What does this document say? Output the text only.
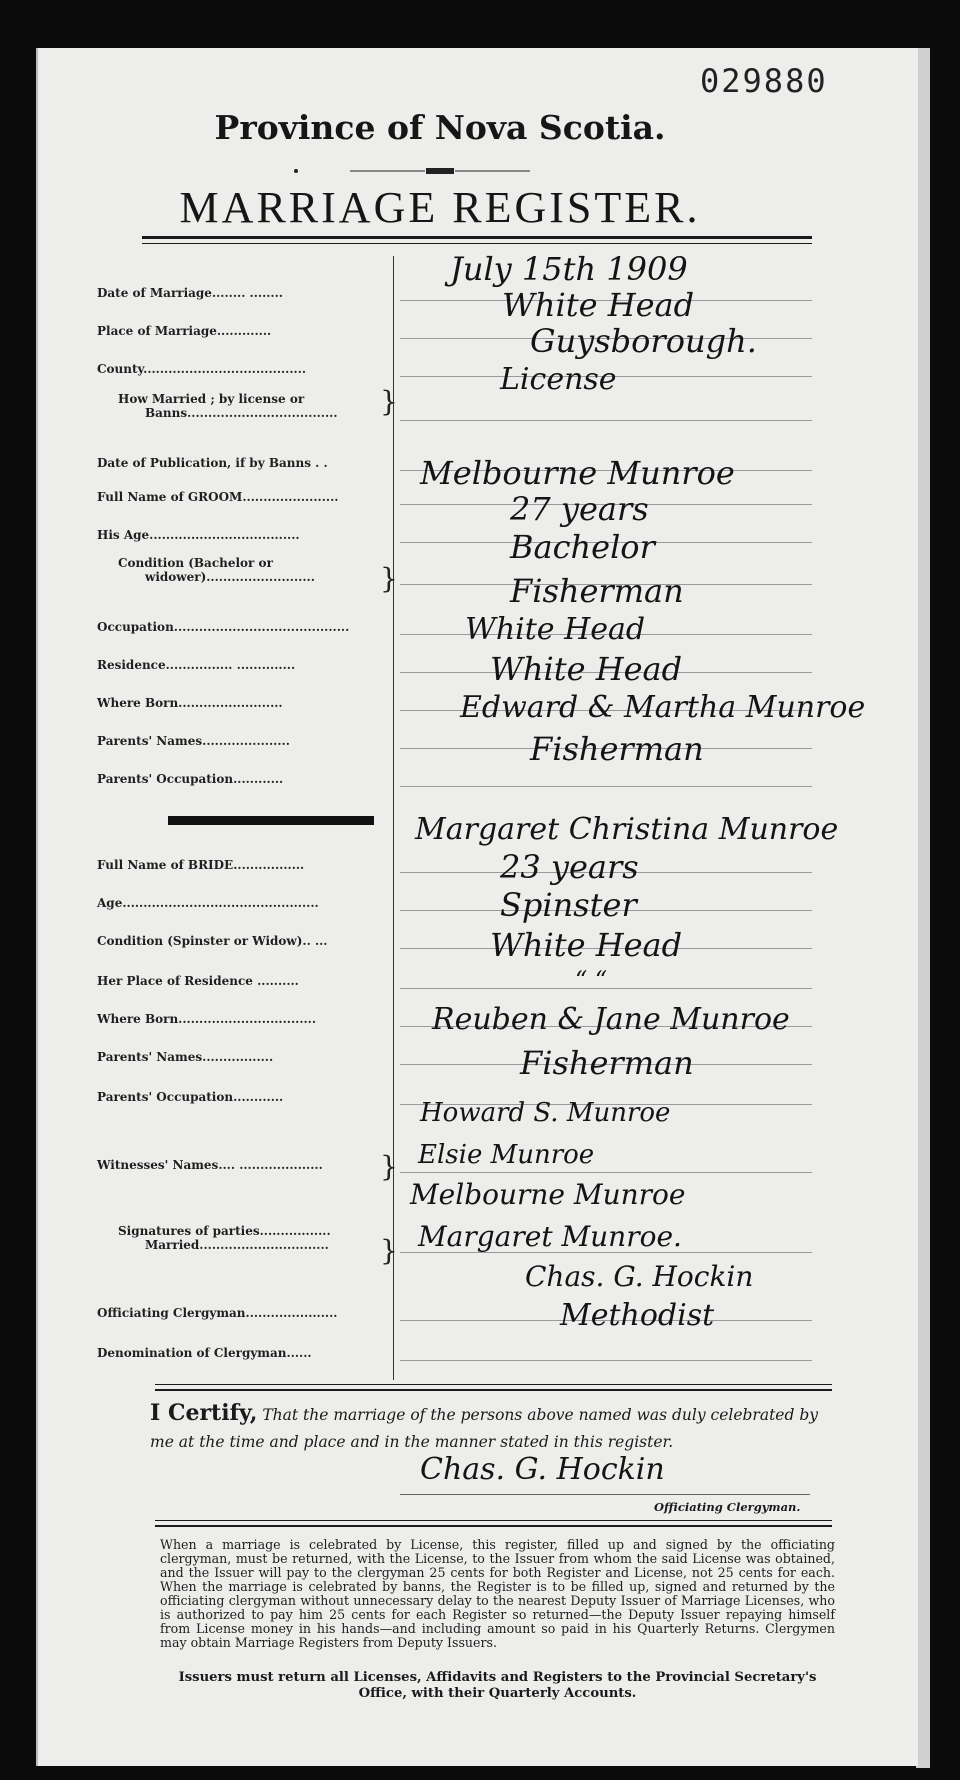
029880
Province of Nova Scotia.
MARRIAGE REGISTER.
Date of Marriage........ ........
July 15th 1909
Place of Marriage.............
White Head
County.......................................
Guysborough.
How Married ; by license or
Banns....................................
License
Date of Publication, if by Banns . .
Full Name of GROOM.......................
Melbourne Munroe
His Age....................................
27 years
Condition (Bachelor or
widower)..........................
Bachelor
Occupation..........................................
Fisherman
Residence................ ..............
White Head
Where Born.........................
White Head
Parents' Names.....................
Edward & Martha Munroe
Parents' Occupation............
Fisherman
Full Name of BRIDE.................
Margaret Christina Munroe
Age...............................................
23 years
Condition (Spinster or Widow).. ...
Spinster
Her Place of Residence ..........
White Head
Where Born.................................
“ “
Parents' Names.................
Reuben & Jane Munroe
Parents' Occupation............
Fisherman
Witnesses' Names.... ....................
Howard S. Munroe
Elsie Munroe
Signatures of parties.................
Married...............................
Melbourne Munroe
Margaret Munroe.
Officiating Clergyman......................
Chas. G. Hockin
Denomination of Clergyman......
Methodist
}
}
}
}
I Certify, That the marriage of the persons above named was duly celebrated by me at the time and place and in the manner stated in this register.
Chas. G. Hockin
Officiating Clergyman.
When a marriage is celebrated by License, this register, filled up and signed by the officiating clergyman, must be returned, with the License, to the Issuer from whom the said License was obtained, and the Issuer will pay to the clergyman 25 cents for both Register and License, not 25 cents for each. When the marriage is celebrated by banns, the Register is to be filled up, signed and returned by the officiating clergyman without unnecessary delay to the nearest Deputy Issuer of Marriage Licenses, who is authorized to pay him 25 cents for each Register so returned—the Deputy Issuer repaying himself from License money in his hands—and including amount so paid in his Quarterly Returns. Clergymen may obtain Marriage Registers from Deputy Issuers.
Issuers must return all Licenses, Affidavits and Registers to the Provincial Secretary's Office, with their Quarterly Accounts.
